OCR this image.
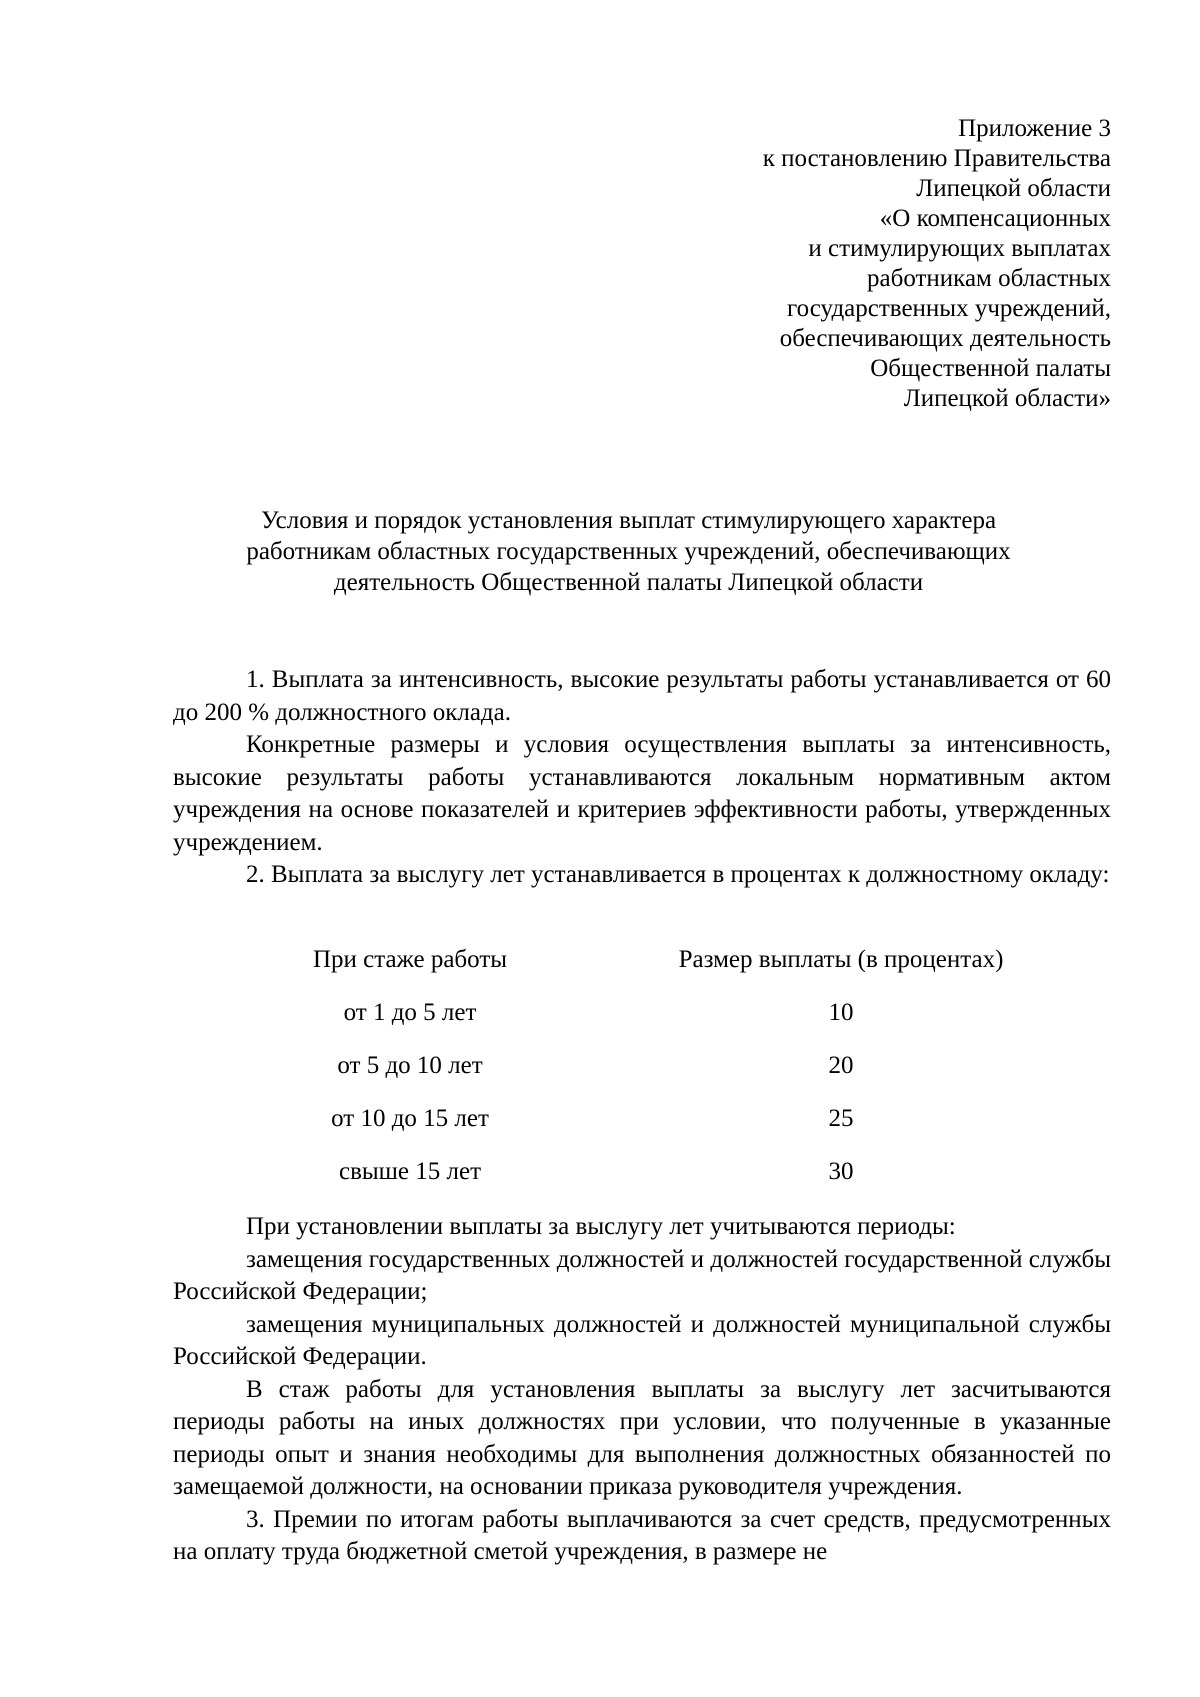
Приложение 3
к постановлению Правительства
Липецкой области
«О компенсационных
и стимулирующих выплатах
работникам областных
государственных учреждений,
обеспечивающих деятельность
Общественной палаты
Липецкой области»
Условия и порядок установления выплат стимулирующего характера
работникам областных государственных учреждений, обеспечивающих
деятельность Общественной палаты Липецкой области

1. Выплата за интенсивность, высокие результаты работы устанавливается от 60 до 200 % должностного оклада.

Конкретные размеры и условия осуществления выплаты за интенсивность, высокие результаты работы устанавливаются локальным нормативным актом учреждения на основе показателей и критериев эффективности работы, утвержденных учреждением.

2. Выплата за выслугу лет устанавливается в процентах к должностному окладу:

При стаже работы	Размер выплаты (в процентах)
от 1 до 5 лет	10
от 5 до 10 лет	20
от 10 до 15 лет	25
свыше 15 лет	30

При установлении выплаты за выслугу лет учитываются периоды:

замещения государственных должностей и должностей государственной службы Российской Федерации;

замещения муниципальных должностей и должностей муниципальной службы Российской Федерации.

В стаж работы для установления выплаты за выслугу лет засчитываются периоды работы на иных должностях при условии, что полученные в указанные периоды опыт и знания необходимы для выполнения должностных обязанностей по замещаемой должности, на основании приказа руководителя учреждения.

3. Премии по итогам работы выплачиваются за счет средств, предусмотренных на оплату труда бюджетной сметой учреждения, в размере не
